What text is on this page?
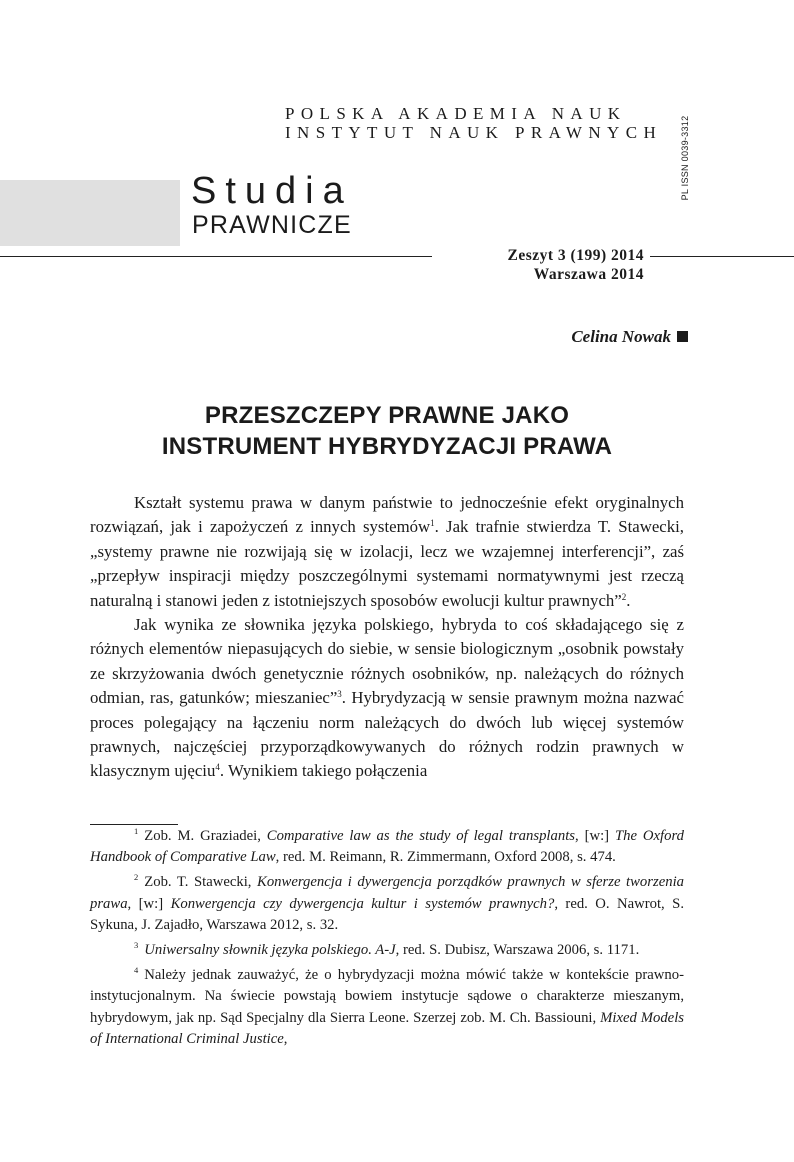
POLSKA AKADEMIA NAUK
INSTYTUT NAUK PRAWNYCH
Studia
PRAWNICZE
PL ISSN 0039-3312
Zeszyt 3 (199) 2014
Warszawa 2014
Celina Nowak
PRZESZCZEPY PRAWNE JAKO
INSTRUMENT HYBRYDYZACJI PRAWA

Kształt systemu prawa w danym państwie to jednocześnie efekt oryginalnych rozwiązań, jak i zapożyczeń z innych systemów$^1$. Jak trafnie stwierdza T. Stawecki, „systemy prawne nie rozwijają się w izolacji, lecz we wzajemnej interferencji”, zaś „przepływ inspiracji między poszczególnymi systemami normatywnymi jest rzeczą naturalną i stanowi jeden z istotniejszych sposobów ewolucji kultur prawnych”$^2$.

Jak wynika ze słownika języka polskiego, hybryda to coś składającego się z różnych elementów niepasujących do siebie, w sensie biologicznym „osobnik powstały ze skrzyżowania dwóch genetycznie różnych osobników, np. należących do różnych odmian, ras, gatunków; mieszaniec”$^3$. Hybrydyzacją w sensie prawnym można nazwać proces polegający na łączeniu norm należących do dwóch lub więcej systemów prawnych, najczęściej przyporządkowywanych do różnych rodzin prawnych w klasycznym ujęciu$^4$. Wynikiem takiego połączenia

$^1$ Zob. M. Graziadei, Comparative law as the study of legal transplants, [w:] The Oxford Handbook of Comparative Law, red. M. Reimann, R. Zimmermann, Oxford 2008, s. 474.

$^2$ Zob. T. Stawecki, Konwergencja i dywergencja porządków prawnych w sferze tworzenia prawa, [w:] Konwergencja czy dywergencja kultur i systemów prawnych?, red. O. Nawrot, S. Sykuna, J. Zajadło, Warszawa 2012, s. 32.

$^3$ Uniwersalny słownik języka polskiego. A-J, red. S. Dubisz, Warszawa 2006, s. 1171.

$^4$ Należy jednak zauważyć, że o hybrydyzacji można mówić także w kontekście prawno-instytucjonalnym. Na świecie powstają bowiem instytucje sądowe o charakterze mieszanym, hybrydowym, jak np. Sąd Specjalny dla Sierra Leone. Szerzej zob. M. Ch. Bassiouni, Mixed Models of International Criminal Justice,
